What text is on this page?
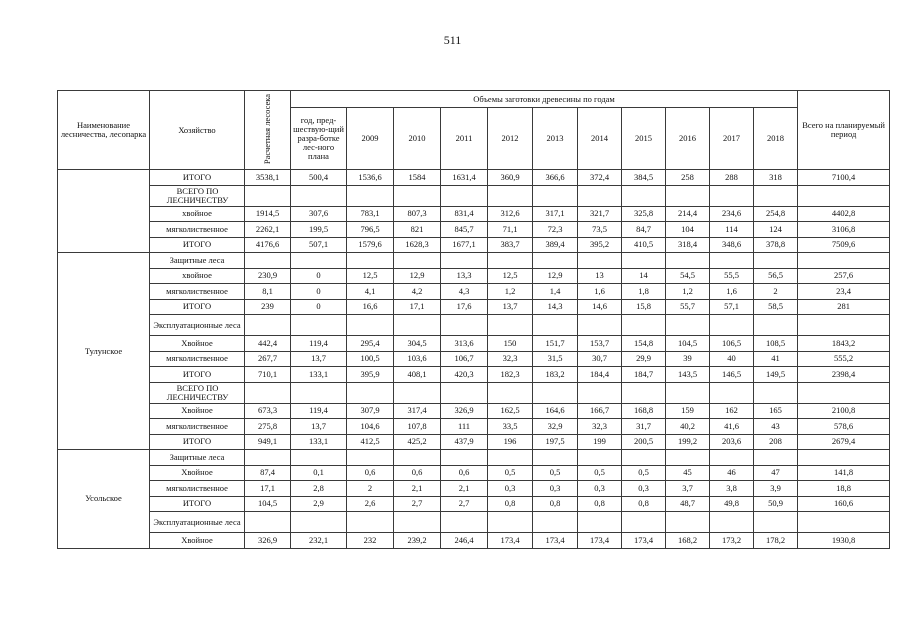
511
Наименование лесничества, лесопарка	Хозяйство	Расчетная лесосека	Объемы заготовки древесины по годам											Всего на планируемый период
			год, пред-шествую-щий разра-ботке лес-ного плана	2009	2010	2011	2012	2013	2014	2015	2016	2017	2018	
	ИТОГО	3538,1	500,4	1536,6	1584	1631,4	360,9	366,6	372,4	384,5	258	288	318	7100,4
	ВСЕГО ПО ЛЕСНИЧЕСТВУ													
	хвойное	1914,5	307,6	783,1	807,3	831,4	312,6	317,1	321,7	325,8	214,4	234,6	254,8	4402,8
	мягколиственное	2262,1	199,5	796,5	821	845,7	71,1	72,3	73,5	84,7	104	114	124	3106,8
	ИТОГО	4176,6	507,1	1579,6	1628,3	1677,1	383,7	389,4	395,2	410,5	318,4	348,6	378,8	7509,6
Тулунское	Защитные леса													
	хвойное	230,9	0	12,5	12,9	13,3	12,5	12,9	13	14	54,5	55,5	56,5	257,6
	мягколиственное	8,1	0	4,1	4,2	4,3	1,2	1,4	1,6	1,8	1,2	1,6	2	23,4
	ИТОГО	239	0	16,6	17,1	17,6	13,7	14,3	14,6	15,8	55,7	57,1	58,5	281
	Эксплуатационные леса													
	Хвойное	442,4	119,4	295,4	304,5	313,6	150	151,7	153,7	154,8	104,5	106,5	108,5	1843,2
	мягколиственное	267,7	13,7	100,5	103,6	106,7	32,3	31,5	30,7	29,9	39	40	41	555,2
	ИТОГО	710,1	133,1	395,9	408,1	420,3	182,3	183,2	184,4	184,7	143,5	146,5	149,5	2398,4
	ВСЕГО ПО ЛЕСНИЧЕСТВУ													
	Хвойное	673,3	119,4	307,9	317,4	326,9	162,5	164,6	166,7	168,8	159	162	165	2100,8
	мягколиственное	275,8	13,7	104,6	107,8	111	33,5	32,9	32,3	31,7	40,2	41,6	43	578,6
	ИТОГО	949,1	133,1	412,5	425,2	437,9	196	197,5	199	200,5	199,2	203,6	208	2679,4
Усольское	Защитные леса													
	Хвойное	87,4	0,1	0,6	0,6	0,6	0,5	0,5	0,5	0,5	45	46	47	141,8
	мягколиственное	17,1	2,8	2	2,1	2,1	0,3	0,3	0,3	0,3	3,7	3,8	3,9	18,8
	ИТОГО	104,5	2,9	2,6	2,7	2,7	0,8	0,8	0,8	0,8	48,7	49,8	50,9	160,6
	Эксплуатационные леса													
	Хвойное	326,9	232,1	232	239,2	246,4	173,4	173,4	173,4	173,4	168,2	173,2	178,2	1930,8
